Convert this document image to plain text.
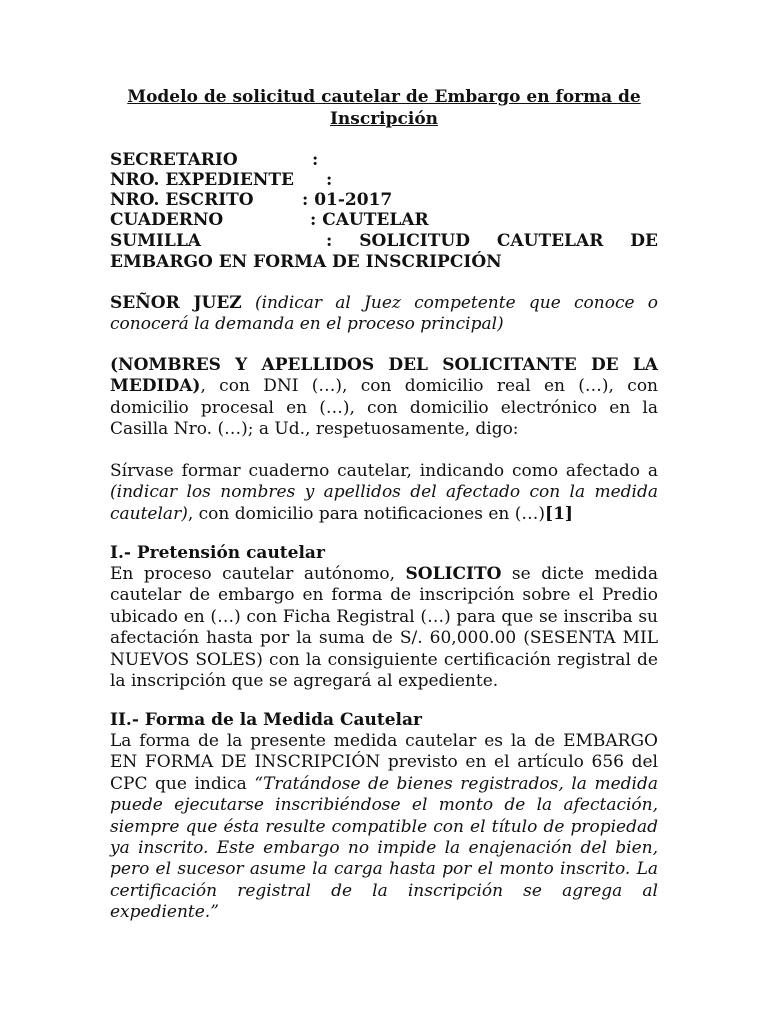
Modelo de solicitud cautelar de Embargo en forma de
Inscripción
SECRETARIO	:
NRO. EXPEDIENTE :
NRO. ESCRITO	: 01-2017
CUADERNO	: CAUTELAR
SUMILLA	: SOLICITUD CAUTELAR DE
EMBARGO EN FORMA DE INSCRIPCIÓN
SEÑOR JUEZ (indicar al Juez competente que conoce o conocerá la demanda en el proceso principal)
(NOMBRES Y APELLIDOS DEL SOLICITANTE DE LA MEDIDA), con DNI (…), con domicilio real en (…), con domicilio procesal en (…), con domicilio electrónico en la Casilla Nro. (…); a Ud., respetuosamente, digo:
Sírvase formar cuaderno cautelar, indicando como afectado a (indicar los nombres y apellidos del afectado con la medida cautelar), con domicilio para notificaciones en (…)[1]
I.- Pretensión cautelar
En proceso cautelar autónomo, SOLICITO se dicte medida cautelar de embargo en forma de inscripción sobre el Predio ubicado en (…) con Ficha Registral (…) para que se inscriba su afectación hasta por la suma de S/. 60,000.00 (SESENTA MIL NUEVOS SOLES) con la consiguiente certificación registral de la inscripción que se agregará al expediente.
II.- Forma de la Medida Cautelar
La forma de la presente medida cautelar es la de EMBARGO EN FORMA DE INSCRIPCIÓN previsto en el artículo 656 del CPC que indica “Tratándose de bienes registrados, la medida puede ejecutarse inscribiéndose el monto de la afectación, siempre que ésta resulte compatible con el título de propiedad ya inscrito. Este embargo no impide la enajenación del bien, pero el sucesor asume la carga hasta por el monto inscrito. La certificación registral de la inscripción se agrega al expediente.”
